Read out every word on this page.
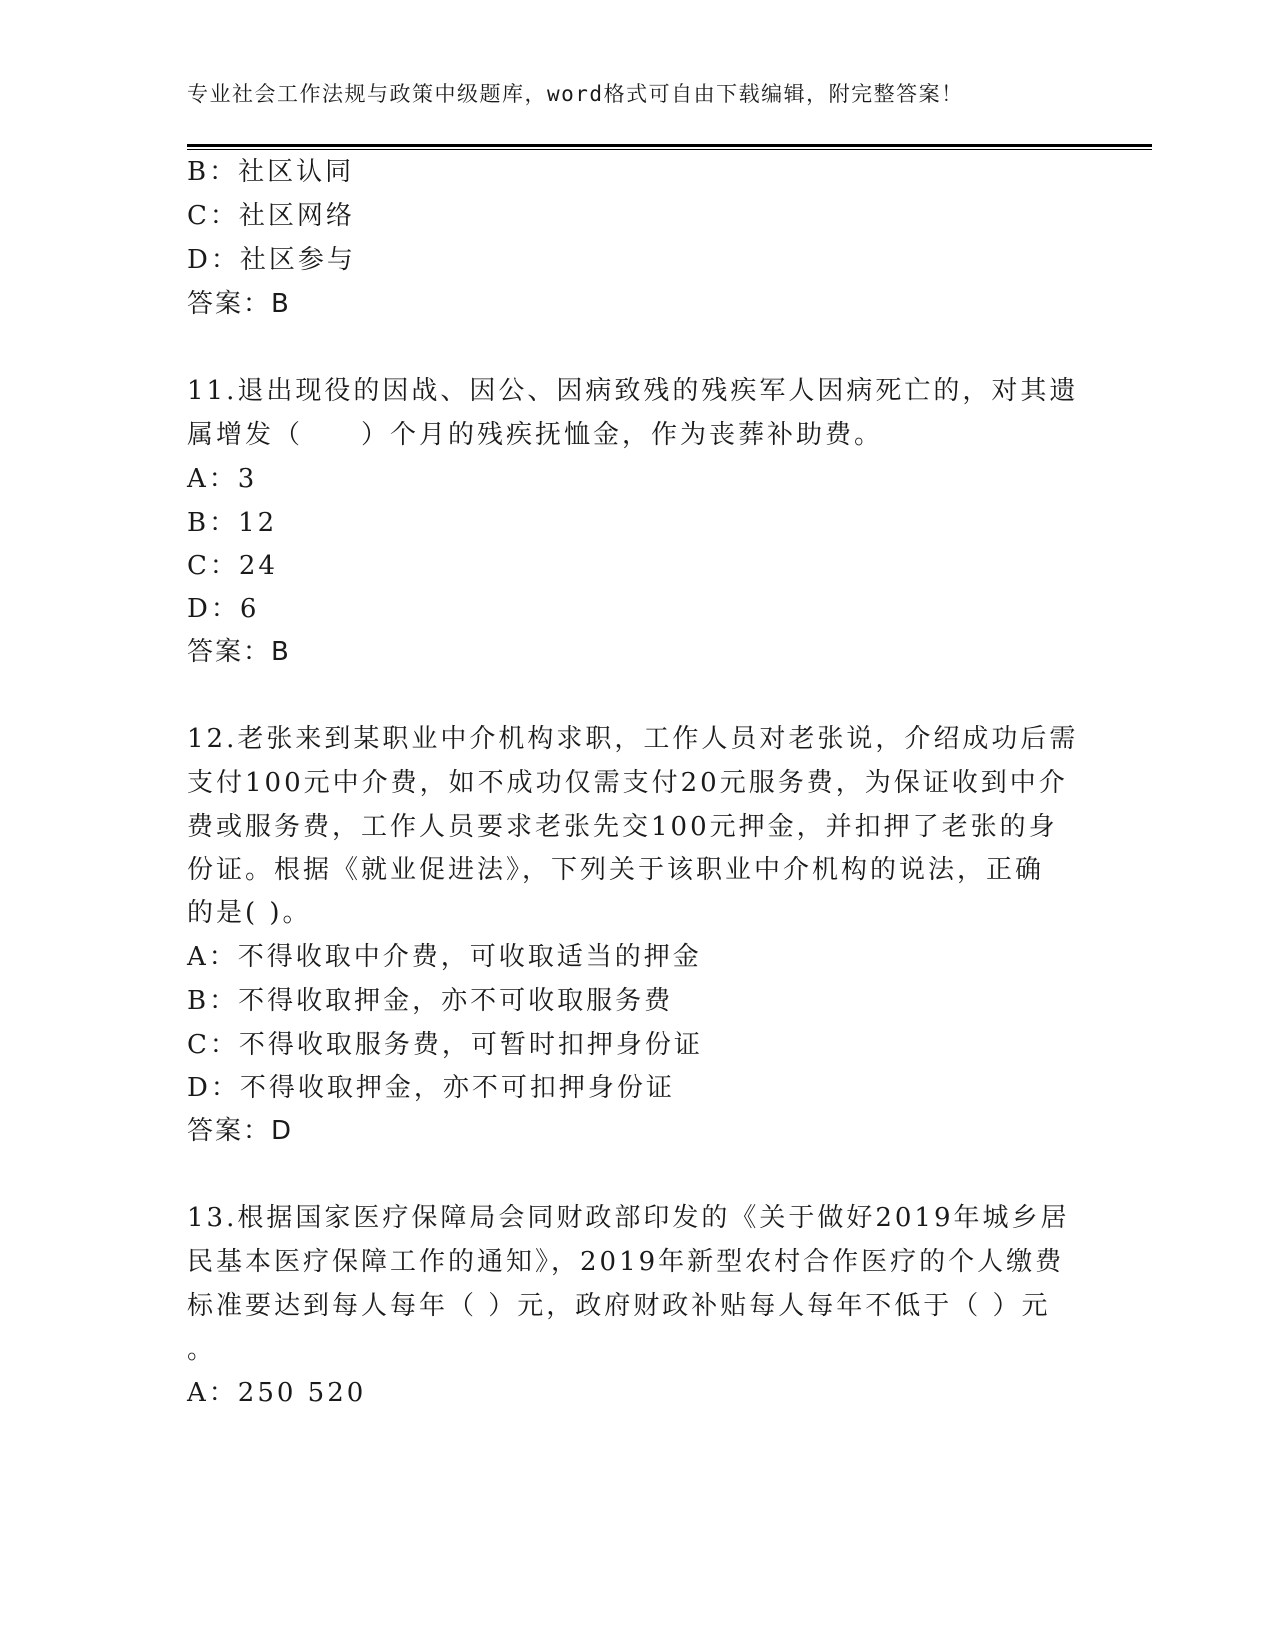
专业社会工作法规与政策中级题库，word格式可自由下载编辑，附完整答案！
B：社区认同
C：社区网络
D：社区参与
答案：B
11.退出现役的因战、因公、因病致残的残疾军人因病死亡的，对其遗
属增发（　　）个月的残疾抚恤金，作为丧葬补助费。
A：3
B：12
C：24
D：6
答案：B
12.老张来到某职业中介机构求职，工作人员对老张说，介绍成功后需
支付100元中介费，如不成功仅需支付20元服务费，为保证收到中介
费或服务费，工作人员要求老张先交100元押金，并扣押了老张的身
份证。根据《就业促进法》，下列关于该职业中介机构的说法，正确
的是( )。
A：不得收取中介费，可收取适当的押金
B：不得收取押金，亦不可收取服务费
C：不得收取服务费，可暂时扣押身份证
D：不得收取押金，亦不可扣押身份证
答案：D
13.根据国家医疗保障局会同财政部印发的《关于做好2019年城乡居
民基本医疗保障工作的通知》，2019年新型农村合作医疗的个人缴费
标准要达到每人每年（ ）元，政府财政补贴每人每年不低于（ ）元
。
A：250 520
